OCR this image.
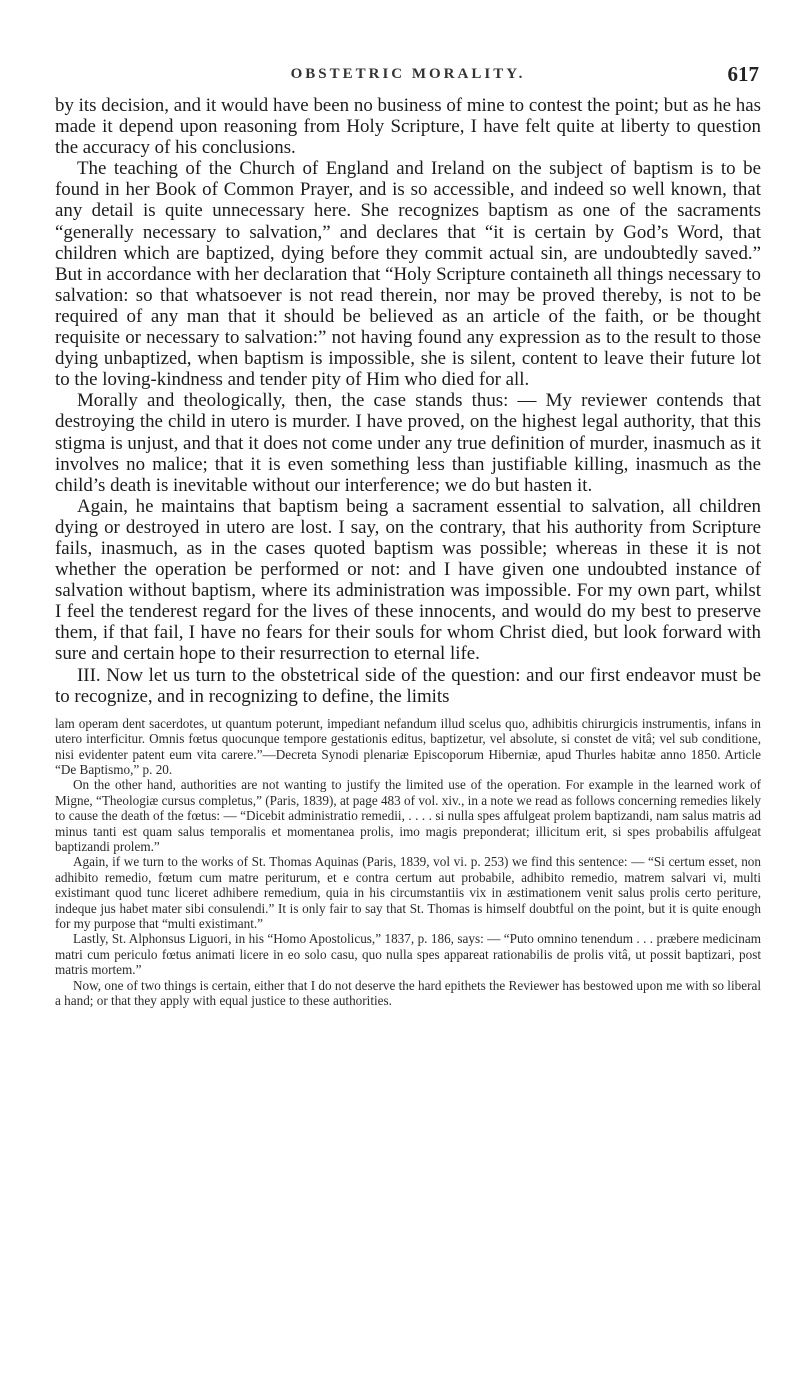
OBSTETRIC MORALITY.	617

by its decision, and it would have been no business of mine to contest the point; but as he has made it depend upon reasoning from Holy Scripture, I have felt quite at liberty to question the accuracy of his conclusions.

The teaching of the Church of England and Ireland on the subject of baptism is to be found in her Book of Common Prayer, and is so accessible, and indeed so well known, that any detail is quite unnecessary here. She recognizes baptism as one of the sacraments “generally necessary to salvation,” and declares that “it is certain by God’s Word, that children which are baptized, dying before they commit actual sin, are undoubtedly saved.” But in accordance with her declaration that “Holy Scripture containeth all things necessary to salvation: so that whatsoever is not read therein, nor may be proved thereby, is not to be required of any man that it should be believed as an article of the faith, or be thought requisite or necessary to salvation:” not having found any expression as to the result to those dying unbaptized, when baptism is impossible, she is silent, content to leave their future lot to the loving-kindness and tender pity of Him who died for all.

Morally and theologically, then, the case stands thus: — My reviewer contends that destroying the child in utero is murder. I have proved, on the highest legal authority, that this stigma is unjust, and that it does not come under any true definition of murder, inasmuch as it involves no malice; that it is even something less than justifiable killing, inasmuch as the child’s death is inevitable without our interference; we do but hasten it.

Again, he maintains that baptism being a sacrament essential to salvation, all children dying or destroyed in utero are lost. I say, on the contrary, that his authority from Scripture fails, inasmuch, as in the cases quoted baptism was possible; whereas in these it is not whether the operation be performed or not: and I have given one undoubted instance of salvation without baptism, where its administration was impossible. For my own part, whilst I feel the tenderest regard for the lives of these innocents, and would do my best to preserve them, if that fail, I have no fears for their souls for whom Christ died, but look forward with sure and certain hope to their resurrection to eternal life.

III. Now let us turn to the obstetrical side of the question: and our first endeavor must be to recognize, and in recognizing to define, the limits

lam operam dent sacerdotes, ut quantum poterunt, impediant nefandum illud scelus quo, adhibitis chirurgicis instrumentis, infans in utero interficitur. Omnis fœtus quocunque tempore gestationis editus, baptizetur, vel absolute, si constet de vitâ; vel sub conditione, nisi evidenter patent eum vita carere.”—Decreta Synodi plenariæ Episcoporum Hiberniæ, apud Thurles habitæ anno 1850. Article “De Baptismo,” p. 20.

On the other hand, authorities are not wanting to justify the limited use of the operation. For example in the learned work of Migne, “Theologiæ cursus completus,” (Paris, 1839), at page 483 of vol. xiv., in a note we read as follows concerning remedies likely to cause the death of the fœtus: — “Dicebit administratio remedii, . . . . si nulla spes affulgeat prolem baptizandi, nam salus matris ad minus tanti est quam salus temporalis et momentanea prolis, imo magis preponderat; illicitum erit, si spes probabilis affulgeat baptizandi prolem.”

Again, if we turn to the works of St. Thomas Aquinas (Paris, 1839, vol vi. p. 253) we find this sentence: — “Si certum esset, non adhibito remedio, fœtum cum matre periturum, et e contra certum aut probabile, adhibito remedio, matrem salvari vi, multi existimant quod tunc liceret adhibere remedium, quia in his circumstantiis vix in æstimationem venit salus prolis certo periture, indeque jus habet mater sibi consulendi.” It is only fair to say that St. Thomas is himself doubtful on the point, but it is quite enough for my purpose that “multi existimant.”

Lastly, St. Alphonsus Liguori, in his “Homo Apostolicus,” 1837, p. 186, says: — “Puto omnino tenendum . . . præbere medicinam matri cum periculo fœtus animati licere in eo solo casu, quo nulla spes appareat rationabilis de prolis vitâ, ut possit baptizari, post matris mortem.”

Now, one of two things is certain, either that I do not deserve the hard epithets the Reviewer has bestowed upon me with so liberal a hand; or that they apply with equal justice to these authorities.
